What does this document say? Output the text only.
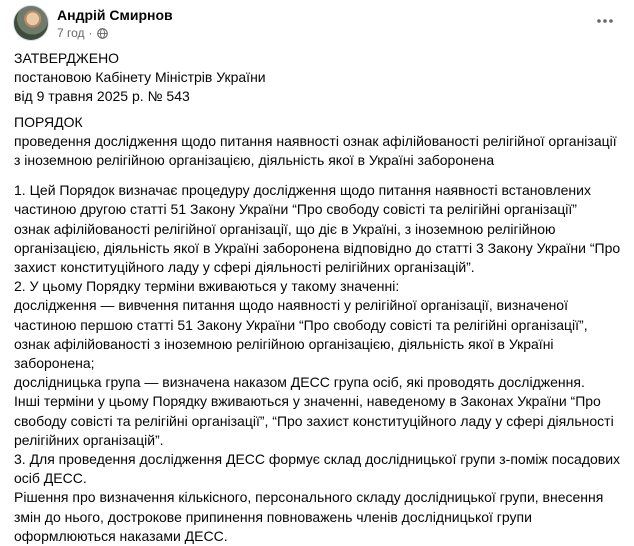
Андрій Смирнов
7 год ·

ЗАТВЕРДЖЕНО

постановою Кабінету Міністрів України

від 9 травня 2025 р. № 543

ПОРЯДОК

проведення дослідження щодо питання наявності ознак афілійованості релігійної організації

з іноземною релігійною організацією, діяльність якої в Україні заборонена

1. Цей Порядок визначає процедуру дослідження щодо питання наявності встановлених

частиною другою статті 51 Закону України “Про свободу совісті та релігійні організації”

ознак афілійованості релігійної організації, що діє в Україні, з іноземною релігійною

організацією, діяльність якої в Україні заборонена відповідно до статті 3 Закону України “Про

захист конституційного ладу у сфері діяльності релігійних організацій”.

2. У цьому Порядку терміни вживаються у такому значенні:

дослідження — вивчення питання щодо наявності у релігійної організації, визначеної

частиною першою статті 51 Закону України “Про свободу совісті та релігійні організації”,

ознак афілійованості з іноземною релігійною організацією, діяльність якої в Україні

заборонена;

дослідницька група — визначена наказом ДЕСС група осіб, які проводять дослідження.

Інші терміни у цьому Порядку вживаються у значенні, наведеному в Законах України “Про

свободу совісті та релігійні організації”, “Про захист конституційного ладу у сфері діяльності

релігійних організацій”.

3. Для проведення дослідження ДЕСС формує склад дослідницької групи з-поміж посадових

осіб ДЕСС.

Рішення про визначення кількісного, персонального складу дослідницької групи, внесення

змін до нього, дострокове припинення повноважень членів дослідницької групи

оформлюються наказами ДЕСС.
